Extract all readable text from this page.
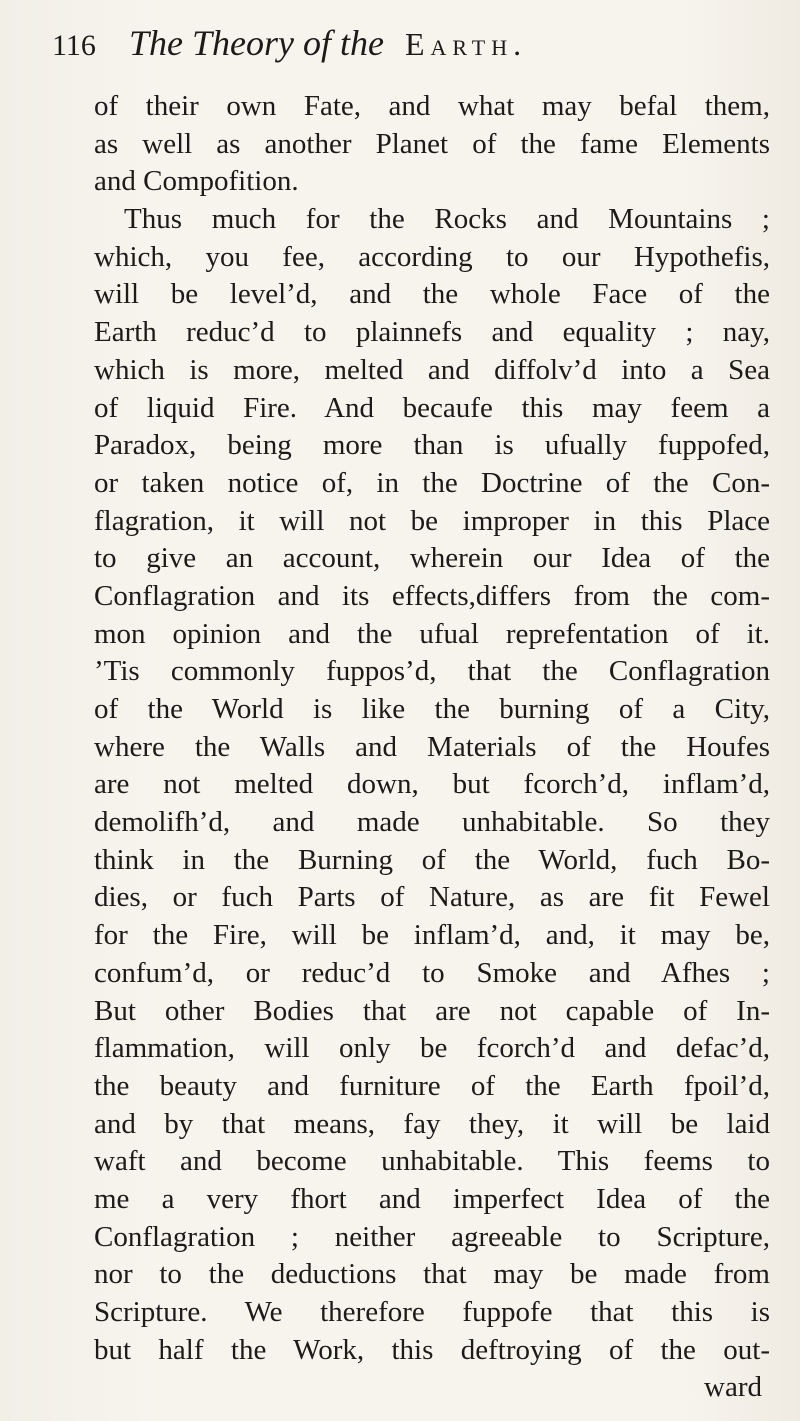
116 The Theory of the Earth.
of their own Fate, and what may befal them,
as well as another Planet of the fame Elements
and Compofition.
Thus much for the Rocks and Mountains ;
which, you fee, according to our Hypothefis,
will be level’d, and the whole Face of the
Earth reduc’d to plainnefs and equality ; nay,
which is more, melted and diffolv’d into a Sea
of liquid Fire. And becaufe this may feem a
Paradox, being more than is ufually fuppofed,
or taken notice of, in the Doctrine of the Con-
flagration, it will not be improper in this Place
to give an account, wherein our Idea of the
Conflagration and its effects,differs from the com-
mon opinion and the ufual reprefentation of it.
’Tis commonly fuppos’d, that the Conflagration
of the World is like the burning of a City,
where the Walls and Materials of the Houfes
are not melted down, but fcorch’d, inflam’d,
demolifh’d, and made unhabitable. So they
think in the Burning of the World, fuch Bo-
dies, or fuch Parts of Nature, as are fit Fewel
for the Fire, will be inflam’d, and, it may be,
confum’d, or reduc’d to Smoke and Afhes ;
But other Bodies that are not capable of In-
flammation, will only be fcorch’d and defac’d,
the beauty and furniture of the Earth fpoil’d,
and by that means, fay they, it will be laid
waft and become unhabitable. This feems to
me a very fhort and imperfect Idea of the
Conflagration ; neither agreeable to Scripture,
nor to the deductions that may be made from
Scripture. We therefore fuppofe that this is
but half the Work, this deftroying of the out-
ward
